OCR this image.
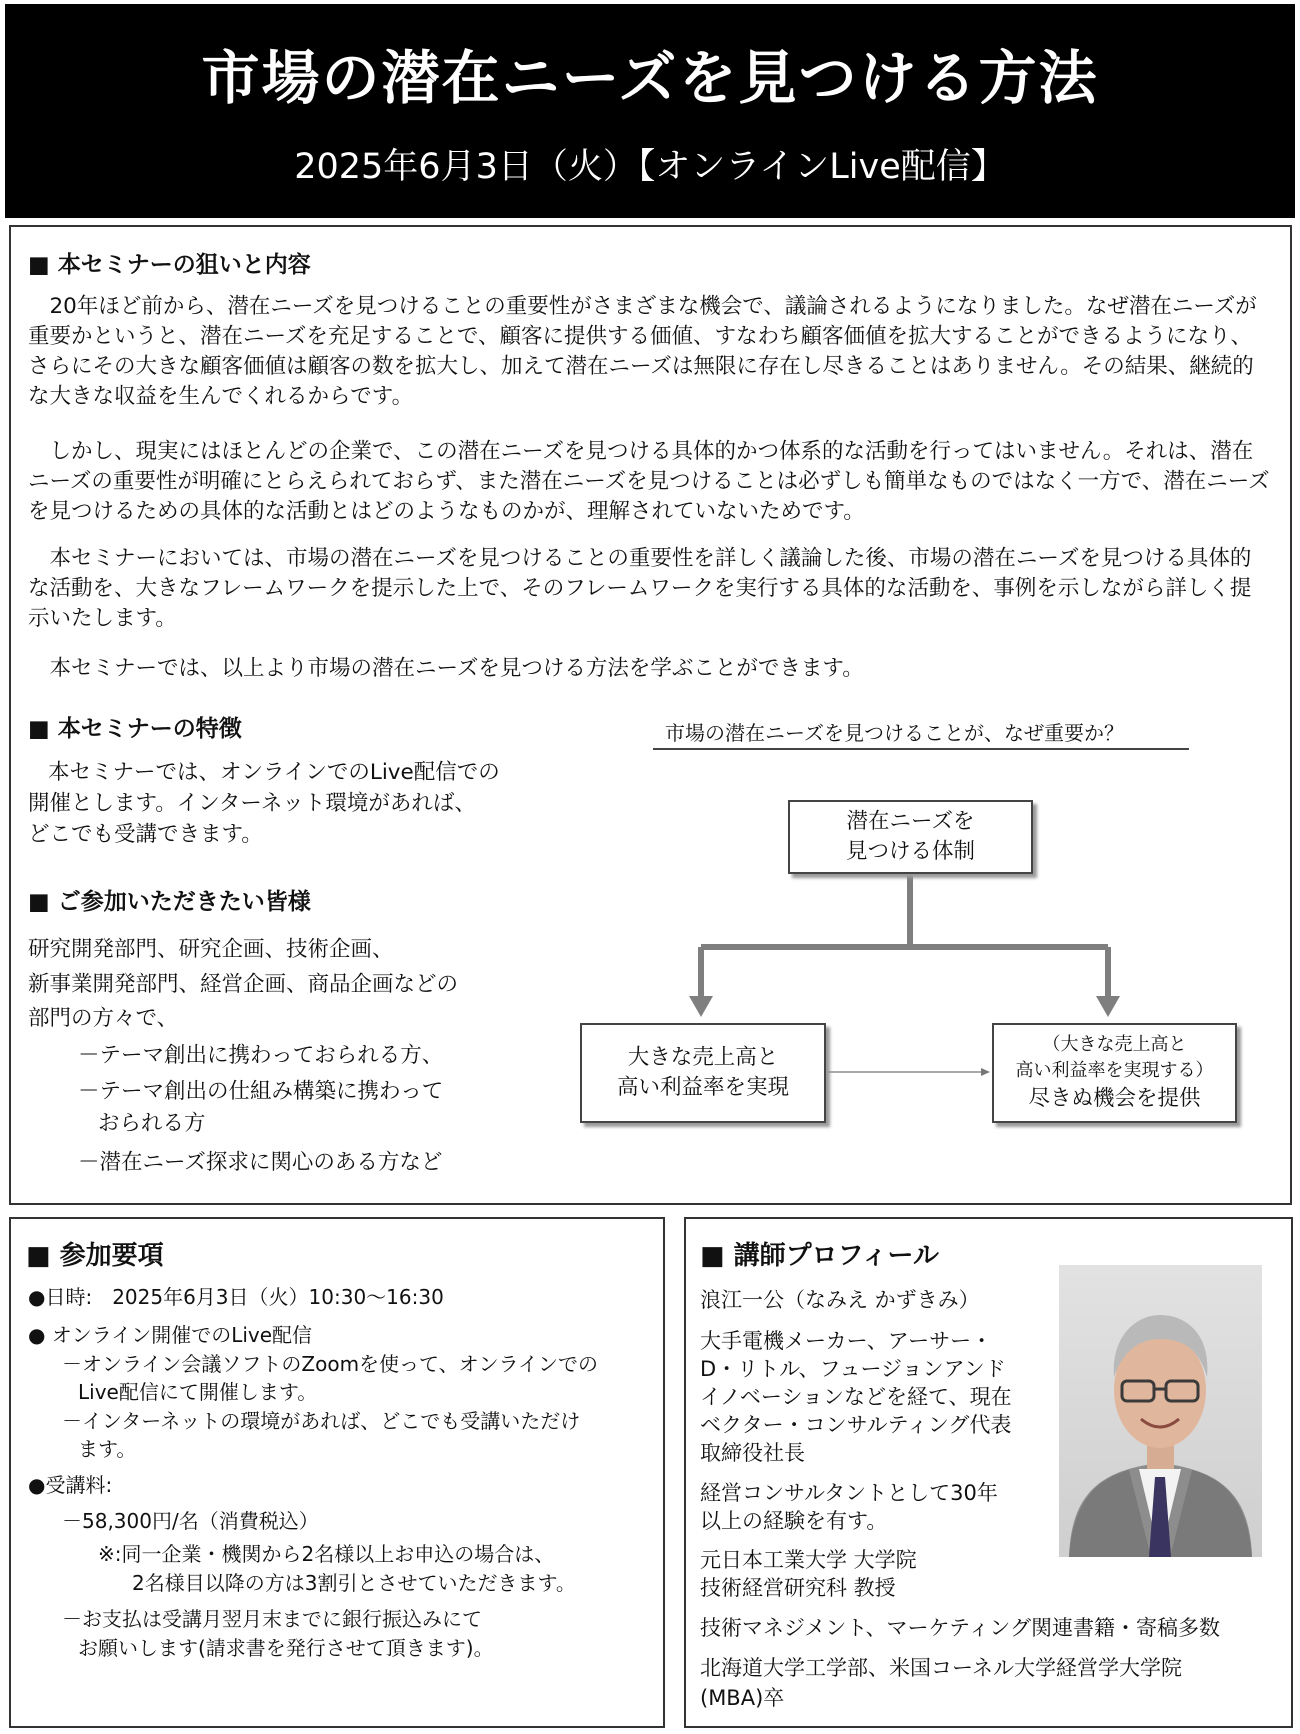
市場の潜在ニーズを見つける方法
2025年6月3日（火）【オンラインLive配信】
■ 本セミナーの狙いと内容

20年ほど前から、潜在ニーズを見つけることの重要性がさまざまな機会で、議論されるようになりました。なぜ潜在ニーズが重要かというと、潜在ニーズを充足することで、顧客に提供する価値、すなわち顧客価値を拡大することができるようになり、さらにその大きな顧客価値は顧客の数を拡大し、加えて潜在ニーズは無限に存在し尽きることはありません。その結果、継続的な大きな収益を生んでくれるからです。

しかし、現実にはほとんどの企業で、この潜在ニーズを見つける具体的かつ体系的な活動を行ってはいません。それは、潜在ニーズの重要性が明確にとらえられておらず、また潜在ニーズを見つけることは必ずしも簡単なものではなく一方で、潜在ニーズを見つけるための具体的な活動とはどのようなものかが、理解されていないためです。

本セミナーにおいては、市場の潜在ニーズを見つけることの重要性を詳しく議論した後、市場の潜在ニーズを見つける具体的な活動を、大きなフレームワークを提示した上で、そのフレームワークを実行する具体的な活動を、事例を示しながら詳しく提示いたします。

本セミナーでは、以上より市場の潜在ニーズを見つける方法を学ぶことができます。

■ 本セミナーの特徴
本セミナーでは、オンラインでのLive配信での
開催とします。インターネット環境があれば、
どこでも受講できます。
■ ご参加いただきたい皆様
研究開発部門、研究企画、技術企画、
新事業開発部門、経営企画、商品企画などの
部門の方々で、
－テーマ創出に携わっておられる方、
－テーマ創出の仕組み構築に携わって
おられる方
－潜在ニーズ探求に関心のある方など
市場の潜在ニーズを見つけることが、なぜ重要か？
潜在ニーズを
見つける体制
大きな売上高と
高い利益率を実現
（大きな売上高と
高い利益率を実現する）
尽きぬ機会を提供
■ 参加要項
●日時:　2025年6月3日（火）10:30～16:30
● オンライン開催でのLive配信
－オンライン会議ソフトのZoomを使って、オンラインでの
Live配信にて開催します。
－インターネットの環境があれば、どこでも受講いただけ
ます。
●受講料:
－58,300円/名（消費税込）
※:同一企業・機関から2名様以上お申込の場合は、
2名様目以降の方は3割引とさせていただきます。
－お支払は受講月翌月末までに銀行振込みにて
お願いします(請求書を発行させて頂きます)。
■ 講師プロフィール
浪江一公（なみえ かずきみ）
大手電機メーカー、アーサー・
D・リトル、フュージョンアンド
イノベーションなどを経て、現在
ベクター・コンサルティング代表
取締役社長
経営コンサルタントとして30年
以上の経験を有す。
元日本工業大学 大学院
技術経営研究科 教授
技術マネジメント、マーケティング関連書籍・寄稿多数
北海道大学工学部、米国コーネル大学経営学大学院
(MBA)卒
